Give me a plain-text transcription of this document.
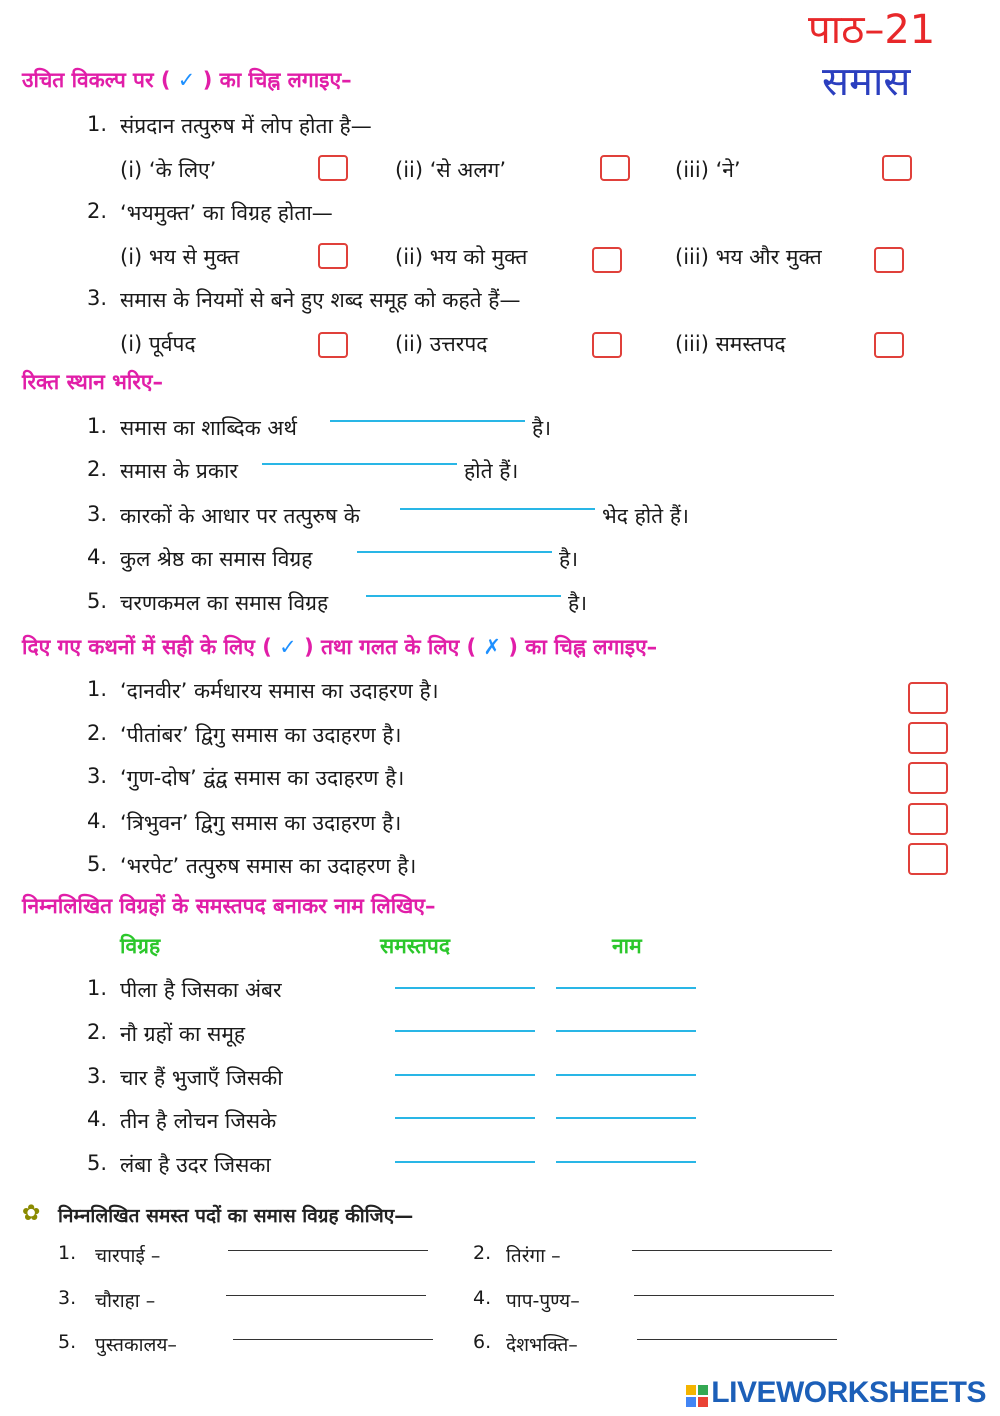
पाठ–21
समास
उचित विकल्प पर ( ✓ ) का चिह्न लगाइए–
1. संप्रदान तत्पुरुष में लोप होता है—
(i) ‘के लिए’	(ii) ‘से अलग’	(iii) ‘ने’
2. ‘भयमुक्त’ का विग्रह होता—
(i) भय से मुक्त	(ii) भय को मुक्त	(iii) भय और मुक्त
3. समास के नियमों से बने हुए शब्द समूह को कहते हैं—
(i) पूर्वपद	(ii) उत्तरपद	(iii) समस्तपद
रिक्त स्थान भरिए–
1. समास का शाब्दिक अर्थ	है।
2. समास के प्रकार	होते हैं।
3. कारकों के आधार पर तत्पुरुष के	भेद होते हैं।
4. कुल श्रेष्ठ का समास विग्रह	है।
5. चरणकमल का समास विग्रह	है।
दिए गए कथनों में सही के लिए ( ✓ ) तथा गलत के लिए ( ✗ ) का चिह्न लगाइए–
1. ‘दानवीर’ कर्मधारय समास का उदाहरण है।
2. ‘पीतांबर’ द्विगु समास का उदाहरण है।
3. ‘गुण-दोष’ द्वंद्व समास का उदाहरण है।
4. ‘त्रिभुवन’ द्विगु समास का उदाहरण है।
5. ‘भरपेट’ तत्पुरुष समास का उदाहरण है।
निम्नलिखित विग्रहों के समस्तपद बनाकर नाम लिखिए–
विग्रह	समस्तपद	नाम
1. पीला है जिसका अंबर
2. नौ ग्रहों का समूह
3. चार हैं भुजाएँ जिसकी
4. तीन है लोचन जिसके
5. लंबा है उदर जिसका
✿ निम्नलिखित समस्त पदों का समास विग्रह कीजिए—
1. चारपाई –	2. तिरंगा –
3. चौराहा –	4. पाप-पुण्य–
5. पुस्तकालय–	6. देशभक्ति–
LIVEWORKSHEETS
